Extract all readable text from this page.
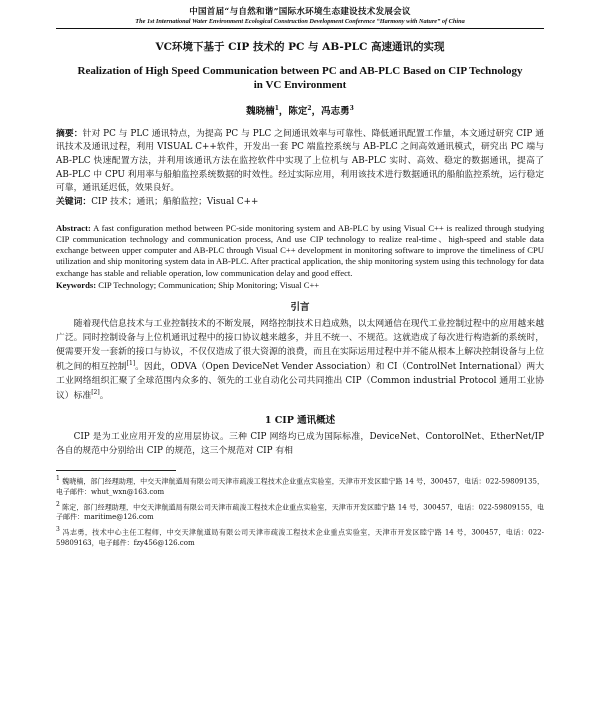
中国首届“与自然和谐”国际水环境生态建设技术发展会议
The 1st International Water Environment Ecological Construction Development Conference “Harmony with Nature” of China
VC环境下基于 CIP 技术的 PC 与 AB-PLC 高速通讯的实现
Realization of High Speed Communication between PC and AB-PLC Based on CIP Technology in VC Environment
魏晓楠$^1$，陈定$^2$，冯志勇$^3$
摘要：针对 PC 与 PLC 通讯特点，为提高 PC 与 PLC 之间通讯效率与可靠性、降低通讯配置工作量，本文通过研究 CIP 通讯技术及通讯过程，利用 VISUAL C++软件，开发出一套 PC 端监控系统与 AB-PLC 之间高效通讯模式，研究出 PC 端与 AB-PLC 快速配置方法，并利用该通讯方法在监控软件中实现了上位机与 AB-PLC 实时、高效、稳定的数据通讯，提高了 AB-PLC 中 CPU 利用率与船舶监控系统数据的时效性。经过实际应用，利用该技术进行数据通讯的船舶监控系统，运行稳定可靠，通讯延迟低，效果良好。
关键词：CIP 技术；通讯；船舶监控；Visual C++
Abstract: A fast configuration method between PC-side monitoring system and AB-PLC by using Visual C++ is realized through studying CIP communication technology and communication process, And use CIP technology to realize real-time、high-speed and stable data exchange between upper computer and AB-PLC through Visual C++ development in monitoring software to improve the timeliness of CPU utilization and ship monitoring system data in AB-PLC. After practical application, the ship monitoring system using this technology for data exchange has stable and reliable operation, low communication delay and good effect.
Keywords: CIP Technology; Communication; Ship Monitoring; Visual C++
引言
随着现代信息技术与工业控制技术的不断发展，网络控制技术日趋成熟，以太网通信在现代工业控制过程中的应用越来越广泛。同时控制设备与上位机通讯过程中的接口协议越来越多，并且不统一、不规范。这就造成了每次进行构造新的系统时，便需要开发一套新的接口与协议，不仅仅造成了很大资源的浪费，而且在实际运用过程中并不能从根本上解决控制设备与上位机之间的相互控制[1]。因此，ODVA（Open DeviceNet Vender Association）和 CI（ControlNet International）两大工业网络组织汇聚了全球范围内众多的、领先的工业自动化公司共同推出 CIP（Common industrial Protocol 通用工业协议）标准[2]。
1 CIP 通讯概述
CIP 是为工业应用开发的应用层协议。三种 CIP 网络均已成为国际标准，DeviceNet、ContorolNet、EtherNet/IP 各自的规范中分别给出 CIP 的规范，这三个规范对 CIP 有相
$^1$ 魏晓楠，部门经理助理，中交天津航道局有限公司天津市疏浚工程技术企业重点实验室，天津市开发区睦宁路 14 号，300457，电话：022-59809135，电子邮件：whut_wxn@163.com
$^2$ 陈定，部门经理助理，中交天津航道局有限公司天津市疏浚工程技术企业重点实验室，天津市开发区睦宁路 14 号，300457，电话：022-59809155，电子邮件：maritime@126.com
$^3$ 冯志勇，技术中心主任工程师，中交天津航道局有限公司天津市疏浚工程技术企业重点实验室，天津市开发区睦宁路 14 号，300457，电话：022-59809163，电子邮件：fzy456@126.com
